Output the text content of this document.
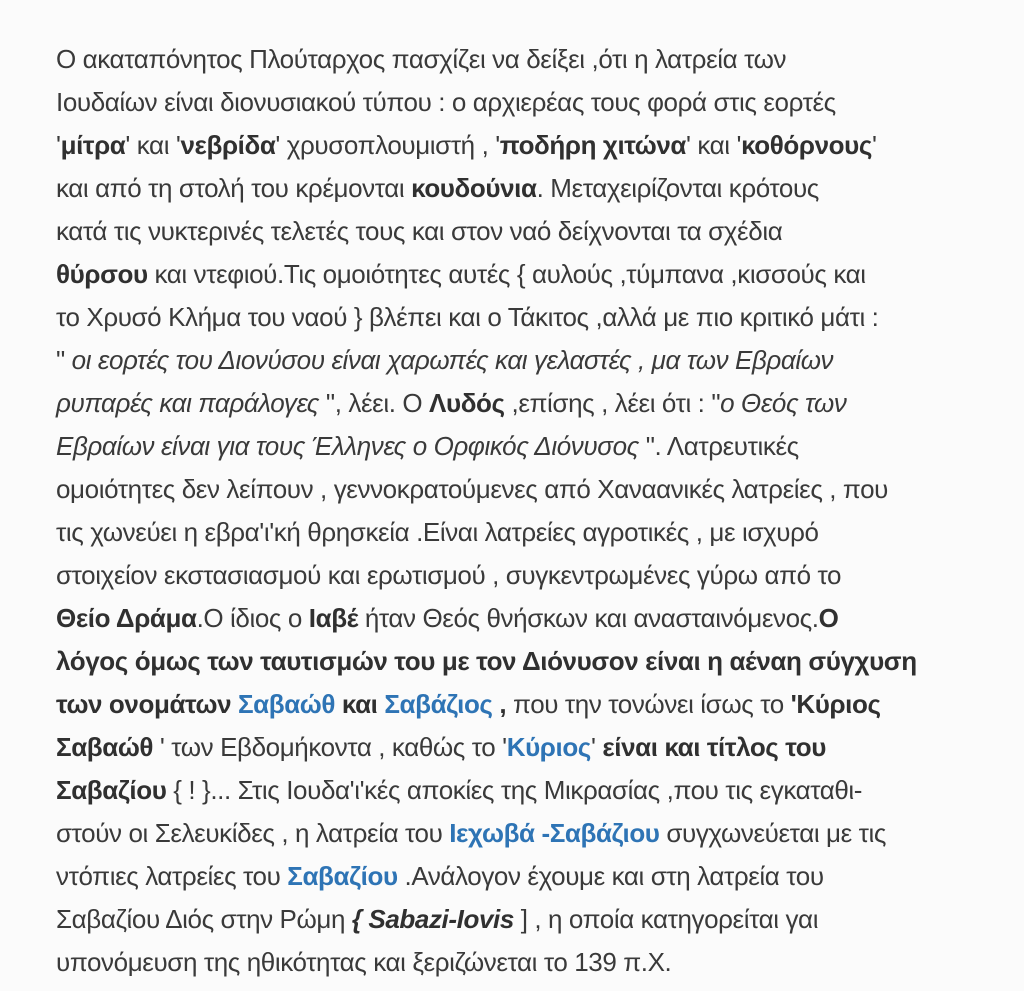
Ο ακαταπόνητος Πλούταρχος πασχίζει να δείξει ,ότι η λατρεία των
Ιουδαίων είναι διονυσιακού τύπου : ο αρχιερέας τους φορά στις εορτές
'μίτρα' και 'νεβρίδα' χρυσοπλουμιστή , 'ποδήρη χιτώνα' και 'κοθόρνους'
και από τη στολή του κρέμονται κουδούνια. Μεταχειρίζονται κρότους
κατά τις νυκτερινές τελετές τους και στον ναό δείχνονται τα σχέδια
θύρσου και ντεφιού.Τις ομοιότητες αυτές { αυλούς ,τύμπανα ,κισσούς και
το Χρυσό Κλήμα του ναού } βλέπει και ο Τάκιτος ,αλλά με πιο κριτικό μάτι :
" οι εορτές του Διονύσου είναι χαρωπές και γελαστές , μα των Εβραίων
ρυπαρές και παράλογες ", λέει. Ο Λυδός ,επίσης , λέει ότι : "ο Θεός των
Εβραίων είναι για τους Έλληνες ο Ορφικός Διόνυσος ". Λατρευτικές
ομοιότητες δεν λείπουν , γεννοκρατούμενες από Χαναανικές λατρείες , που
τις χωνεύει η εβρα'ι'κή θρησκεία .Είναι λατρείες αγροτικές , με ισχυρό
στοιχείον εκστασιασμού και ερωτισμού , συγκεντρωμένες γύρω από το
Θείο Δράμα.Ο ίδιος ο Ιαβέ ήταν Θεός θνήσκων και ανασταινόμενος.Ο
λόγος όμως των ταυτισμών του με τον Διόνυσον είναι η αέναη σύγχυση
των ονομάτων Σαβαώθ και Σαβάζιος , που την τονώνει ίσως το 'Κύριος
Σαβαώθ ' των Εβδομήκοντα , καθώς το 'Κύριος' είναι και τίτλος του
Σαβαζίου { ! }... Στις Ιουδα'ι'κές αποκίες της Μικρασίας ,που τις εγκαταθι-
στούν οι Σελευκίδες , η λατρεία του Ιεχωβά -Σαβάζιου συγχωνεύεται με τις
ντόπιες λατρείες του Σαβαζίου .Ανάλογον έχουμε και στη λατρεία του
Σαβαζίου Διός στην Ρώμη { Sabazi-Iovis ] , η οποία κατηγορείται γαι
υπονόμευση της ηθικότητας και ξεριζώνεται το 139 π.Χ.
